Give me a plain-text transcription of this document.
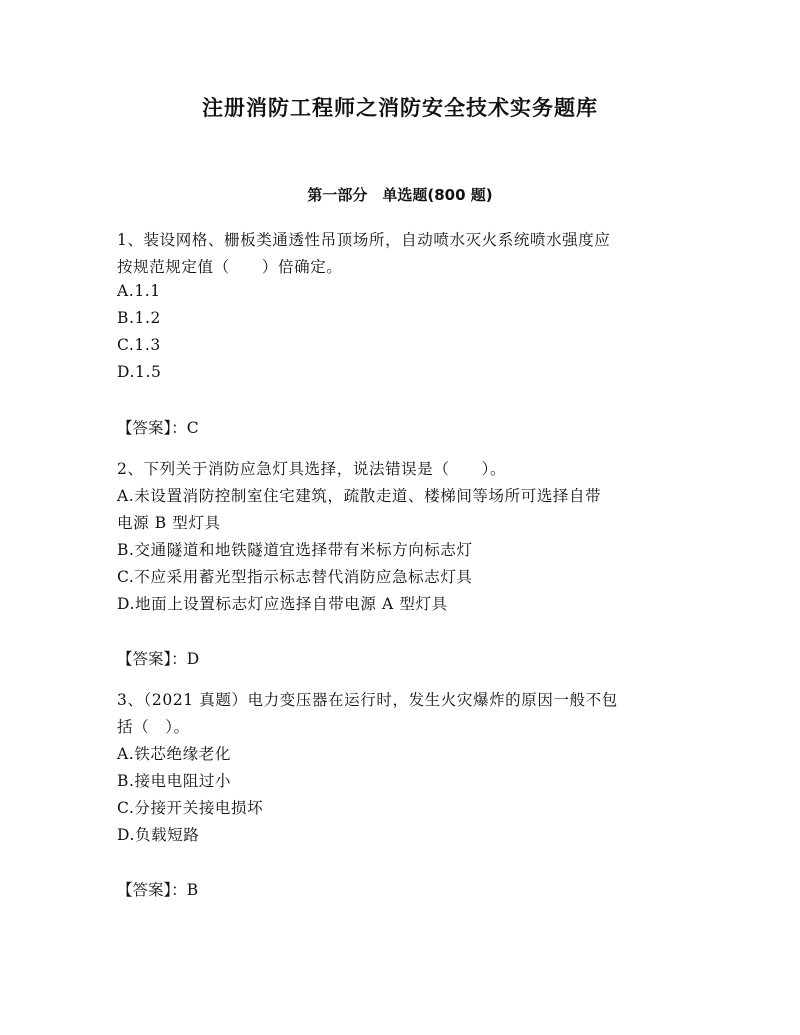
注册消防工程师之消防安全技术实务题库
第一部分　单选题(800 题)
1、装设网格、栅板类通透性吊顶场所，自动喷水灭火系统喷水强度应
按规范规定值（　　）倍确定。
A.1.1
B.1.2
C.1.3
D.1.5
【答案】：C
2、下列关于消防应急灯具选择，说法错误是（　　）。
A.未设置消防控制室住宅建筑，疏散走道、楼梯间等场所可选择自带
电源 B 型灯具
B.交通隧道和地铁隧道宜选择带有米标方向标志灯
C.不应采用蓄光型指示标志替代消防应急标志灯具
D.地面上设置标志灯应选择自带电源 A 型灯具
【答案】：D
3、（2021 真题）电力变压器在运行时，发生火灾爆炸的原因一般不包
括（　）。
A.铁芯绝缘老化
B.接电电阻过小
C.分接开关接电损坏
D.负载短路
【答案】：B
